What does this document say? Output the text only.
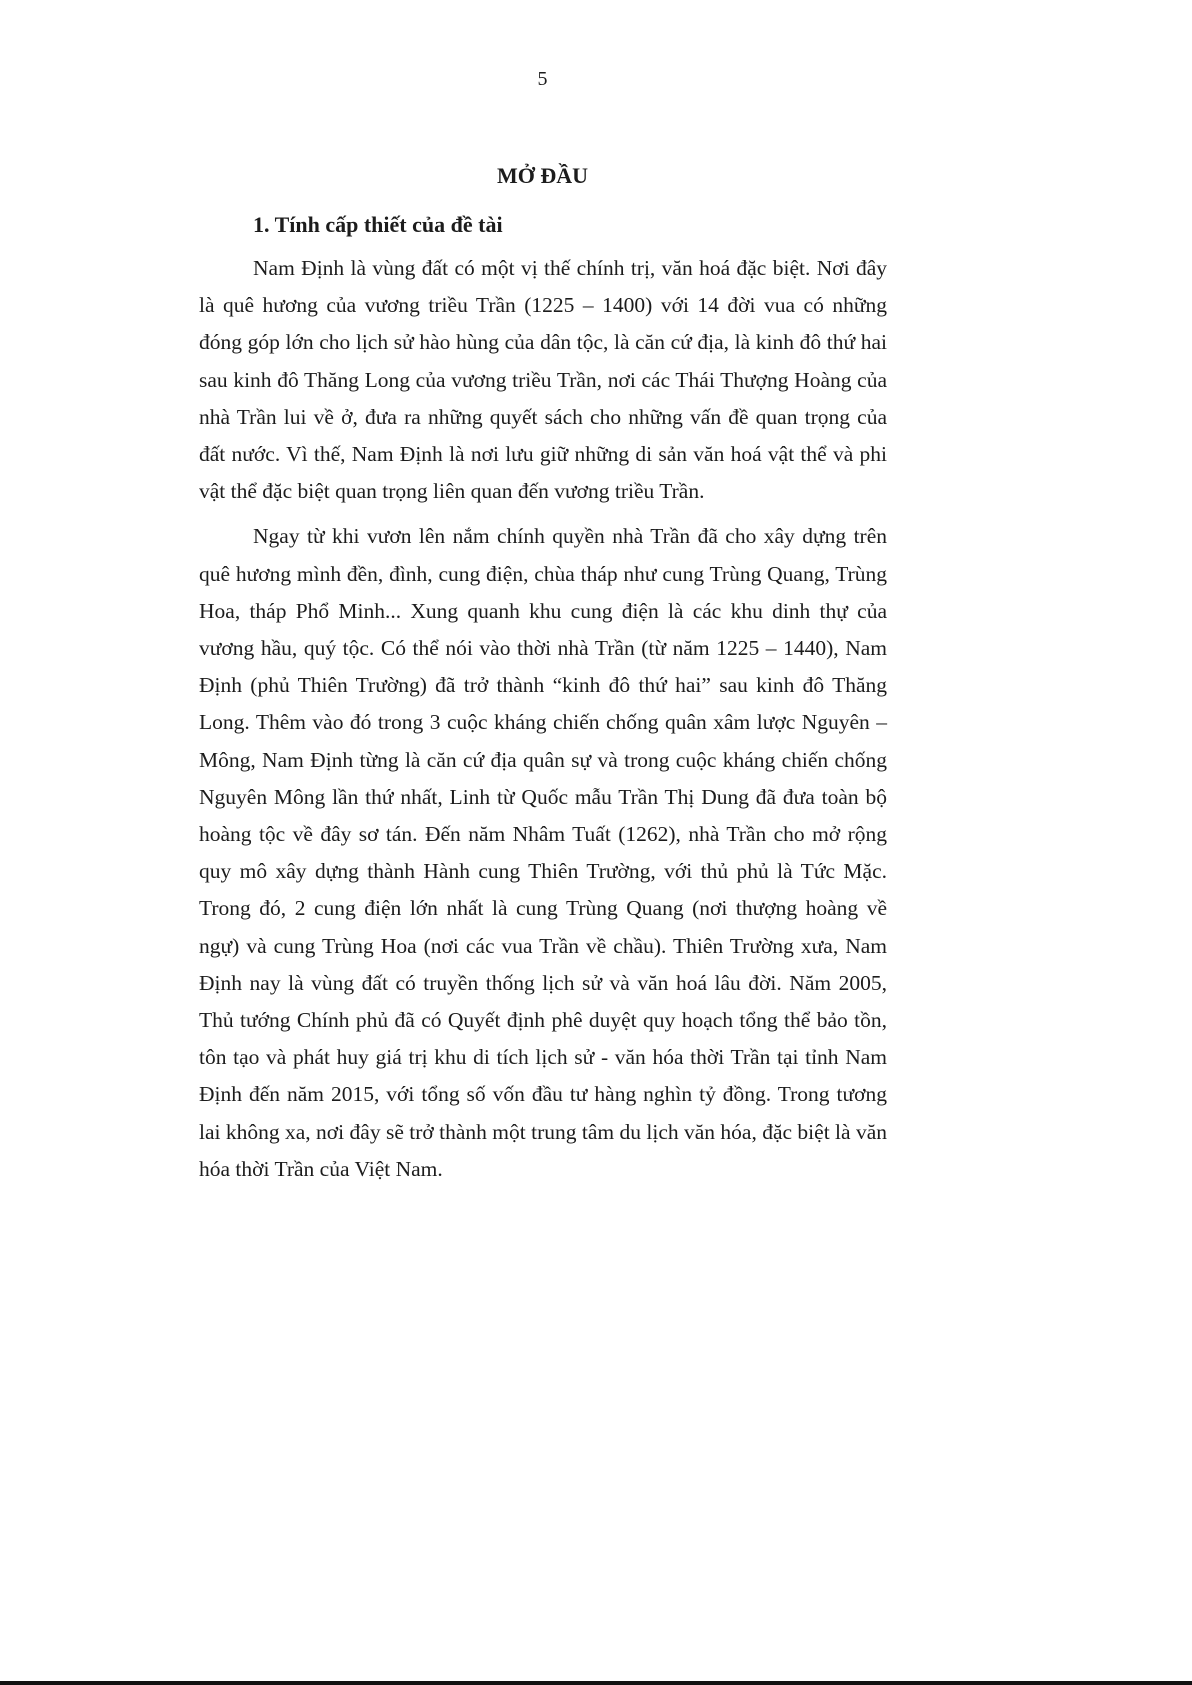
5
MỞ ĐẦU
1. Tính cấp thiết của đề tài

Nam Định là vùng đất có một vị thế chính trị, văn hoá đặc biệt. Nơi đây là quê hương của vương triều Trần (1225 – 1400) với 14 đời vua có những đóng góp lớn cho lịch sử hào hùng của dân tộc, là căn cứ địa, là kinh đô thứ hai sau kinh đô Thăng Long của vương triều Trần, nơi các Thái Thượng Hoàng của nhà Trần lui về ở, đưa ra những quyết sách cho những vấn đề quan trọng của đất nước. Vì thế, Nam Định là nơi lưu giữ những di sản văn hoá vật thể và phi vật thể đặc biệt quan trọng liên quan đến vương triều Trần.

Ngay từ khi vươn lên nắm chính quyền nhà Trần đã cho xây dựng trên quê hương mình đền, đình, cung điện, chùa tháp như cung Trùng Quang, Trùng Hoa, tháp Phổ Minh... Xung quanh khu cung điện là các khu dinh thự của vương hầu, quý tộc. Có thể nói vào thời nhà Trần (từ năm 1225 – 1440), Nam Định (phủ Thiên Trường) đã trở thành “kinh đô thứ hai” sau kinh đô Thăng Long. Thêm vào đó trong 3 cuộc kháng chiến chống quân xâm lược Nguyên – Mông, Nam Định từng là căn cứ địa quân sự và trong cuộc kháng chiến chống Nguyên Mông lần thứ nhất, Linh từ Quốc mẫu Trần Thị Dung đã đưa toàn bộ hoàng tộc về đây sơ tán. Đến năm Nhâm Tuất (1262), nhà Trần cho mở rộng quy mô xây dựng thành Hành cung Thiên Trường, với thủ phủ là Tức Mặc. Trong đó, 2 cung điện lớn nhất là cung Trùng Quang (nơi thượng hoàng về ngự) và cung Trùng Hoa (nơi các vua Trần về chầu). Thiên Trường xưa, Nam Định nay là vùng đất có truyền thống lịch sử và văn hoá lâu đời. Năm 2005, Thủ tướng Chính phủ đã có Quyết định phê duyệt quy hoạch tổng thể bảo tồn, tôn tạo và phát huy giá trị khu di tích lịch sử - văn hóa thời Trần tại tỉnh Nam Định đến năm 2015, với tổng số vốn đầu tư hàng nghìn tỷ đồng. Trong tương lai không xa, nơi đây sẽ trở thành một trung tâm du lịch văn hóa, đặc biệt là văn hóa thời Trần của Việt Nam.
